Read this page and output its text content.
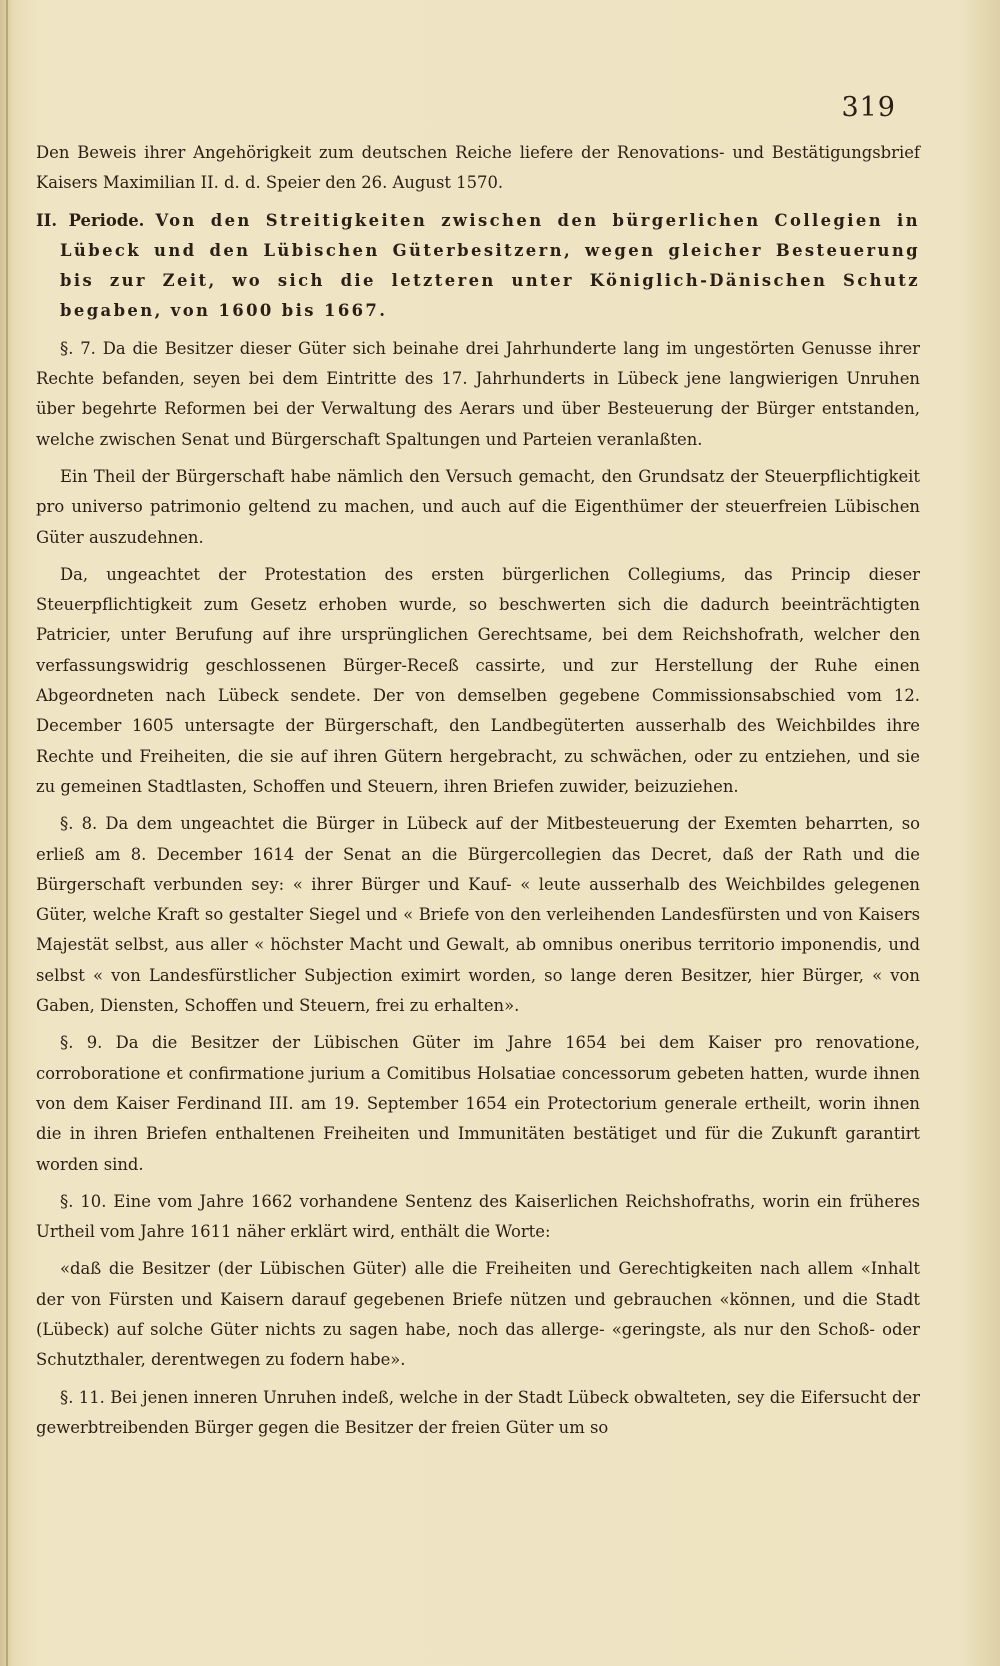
319

Den Beweis ihrer Angehörigkeit zum deutschen Reiche liefere der Renovations- und Bestätigungsbrief Kaisers Maximilian II. d. d. Speier den 26. August 1570.

II. Periode. Von den Streitigkeiten zwischen den bürgerlichen Collegien in Lübeck und den Lübischen Güterbesitzern, wegen gleicher Besteuerung bis zur Zeit, wo sich die letzteren unter Königlich-Dänischen Schutz begaben, von 1600 bis 1667.

§. 7. Da die Besitzer dieser Güter sich beinahe drei Jahrhunderte lang im ungestörten Genusse ihrer Rechte befanden, seyen bei dem Eintritte des 17. Jahrhunderts in Lübeck jene langwierigen Unruhen über begehrte Reformen bei der Verwaltung des Aerars und über Besteuerung der Bürger entstanden, welche zwischen Senat und Bürgerschaft Spaltungen und Parteien veranlaßten.

Ein Theil der Bürgerschaft habe nämlich den Versuch gemacht, den Grundsatz der Steuerpflichtigkeit pro universo patrimonio geltend zu machen, und auch auf die Eigenthümer der steuerfreien Lübischen Güter auszudehnen.

Da, ungeachtet der Protestation des ersten bürgerlichen Collegiums, das Princip dieser Steuerpflichtigkeit zum Gesetz erhoben wurde, so beschwerten sich die dadurch beeinträchtigten Patricier, unter Berufung auf ihre ursprünglichen Gerechtsame, bei dem Reichshofrath, welcher den verfassungswidrig geschlossenen Bürger-Receß cassirte, und zur Herstellung der Ruhe einen Abgeordneten nach Lübeck sendete. Der von demselben gegebene Commissionsabschied vom 12. December 1605 untersagte der Bürgerschaft, den Landbegüterten ausserhalb des Weichbildes ihre Rechte und Freiheiten, die sie auf ihren Gütern hergebracht, zu schwächen, oder zu entziehen, und sie zu gemeinen Stadtlasten, Schoffen und Steuern, ihren Briefen zuwider, beizuziehen.

§. 8. Da dem ungeachtet die Bürger in Lübeck auf der Mitbesteuerung der Exemten beharrten, so erließ am 8. December 1614 der Senat an die Bürgercollegien das Decret, daß der Rath und die Bürgerschaft verbunden sey: « ihrer Bürger und Kauf- « leute ausserhalb des Weichbildes gelegenen Güter, welche Kraft so gestalter Siegel und « Briefe von den verleihenden Landesfürsten und von Kaisers Majestät selbst, aus aller « höchster Macht und Gewalt, ab omnibus oneribus territorio imponendis, und selbst « von Landesfürstlicher Subjection eximirt worden, so lange deren Besitzer, hier Bürger, « von Gaben, Diensten, Schoffen und Steuern, frei zu erhalten».

§. 9. Da die Besitzer der Lübischen Güter im Jahre 1654 bei dem Kaiser pro renovatione, corroboratione et confirmatione jurium a Comitibus Holsatiae concessorum gebeten hatten, wurde ihnen von dem Kaiser Ferdinand III. am 19. September 1654 ein Protectorium generale ertheilt, worin ihnen die in ihren Briefen enthaltenen Freiheiten und Immunitäten bestätiget und für die Zukunft garantirt worden sind.

§. 10. Eine vom Jahre 1662 vorhandene Sentenz des Kaiserlichen Reichshofraths, worin ein früheres Urtheil vom Jahre 1611 näher erklärt wird, enthält die Worte:

«daß die Besitzer (der Lübischen Güter) alle die Freiheiten und Gerechtigkeiten nach allem «Inhalt der von Fürsten und Kaisern darauf gegebenen Briefe nützen und gebrauchen «können, und die Stadt (Lübeck) auf solche Güter nichts zu sagen habe, noch das allerge- «geringste, als nur den Schoß- oder Schutzthaler, derentwegen zu fodern habe».

§. 11. Bei jenen inneren Unruhen indeß, welche in der Stadt Lübeck obwalteten, sey die Eifersucht der gewerbtreibenden Bürger gegen die Besitzer der freien Güter um so
